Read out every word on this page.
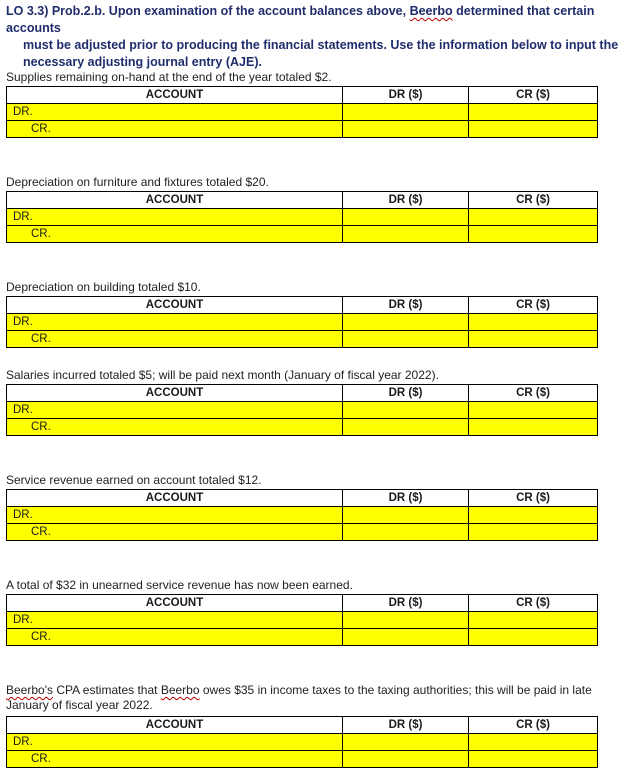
LO 3.3) Prob.2.b. Upon examination of the account balances above, Beerbo determined that certain accounts
must be adjusted prior to producing the financial statements. Use the information below to input the
necessary adjusting journal entry (AJE).
Supplies remaining on-hand at the end of the year totaled $2.
ACCOUNT	DR ($)	CR ($)
DR.		
CR.		
Depreciation on furniture and fixtures totaled $20.
ACCOUNT	DR ($)	CR ($)
DR.		
CR.		
Depreciation on building totaled $10.
ACCOUNT	DR ($)	CR ($)
DR.		
CR.		
Salaries incurred totaled $5; will be paid next month (January of fiscal year 2022).
ACCOUNT	DR ($)	CR ($)
DR.		
CR.		
Service revenue earned on account totaled $12.
ACCOUNT	DR ($)	CR ($)
DR.		
CR.		
A total of $32 in unearned service revenue has now been earned.
ACCOUNT	DR ($)	CR ($)
DR.		
CR.		
Beerbo's CPA estimates that Beerbo owes $35 in income taxes to the taxing authorities; this will be paid in late
January of fiscal year 2022.
ACCOUNT	DR ($)	CR ($)
DR.		
CR.		
